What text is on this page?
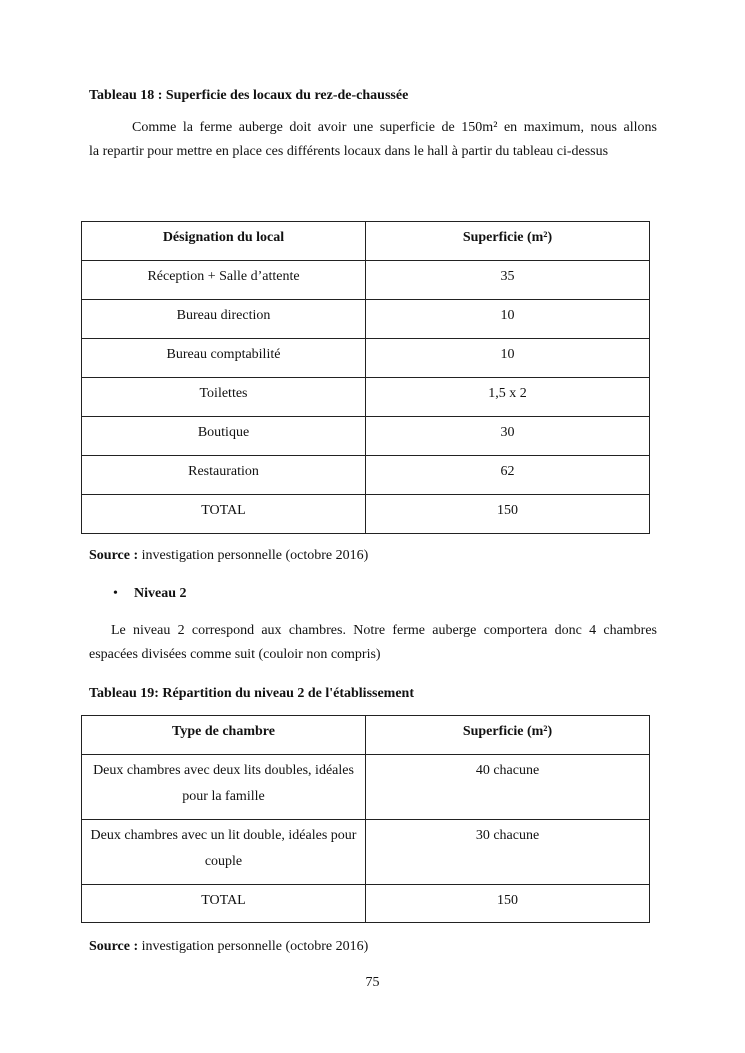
Tableau 18 : Superficie des locaux du rez-de-chaussée
Comme la ferme auberge doit avoir une superficie de 150m² en maximum, nous allons
la repartir pour mettre en place ces différents locaux dans le hall à partir du tableau ci-dessus
Désignation du local	Superficie (m²)
Réception + Salle d’attente	35
Bureau direction	10
Bureau comptabilité	10
Toilettes	1,5 x 2
Boutique	30
Restauration	62
TOTAL	150
Source : investigation personnelle (octobre 2016)
• Niveau 2
Le niveau 2 correspond aux chambres. Notre ferme auberge comportera donc 4 chambres
espacées divisées comme suit (couloir non compris)
Tableau 19: Répartition du niveau 2 de l'établissement
Type de chambre	Superficie (m²)
Deux chambres avec deux lits doubles, idéales pour la famille	40 chacune
Deux chambres avec un lit double, idéales pour couple	30 chacune
TOTAL	150
Source : investigation personnelle (octobre 2016)
75
